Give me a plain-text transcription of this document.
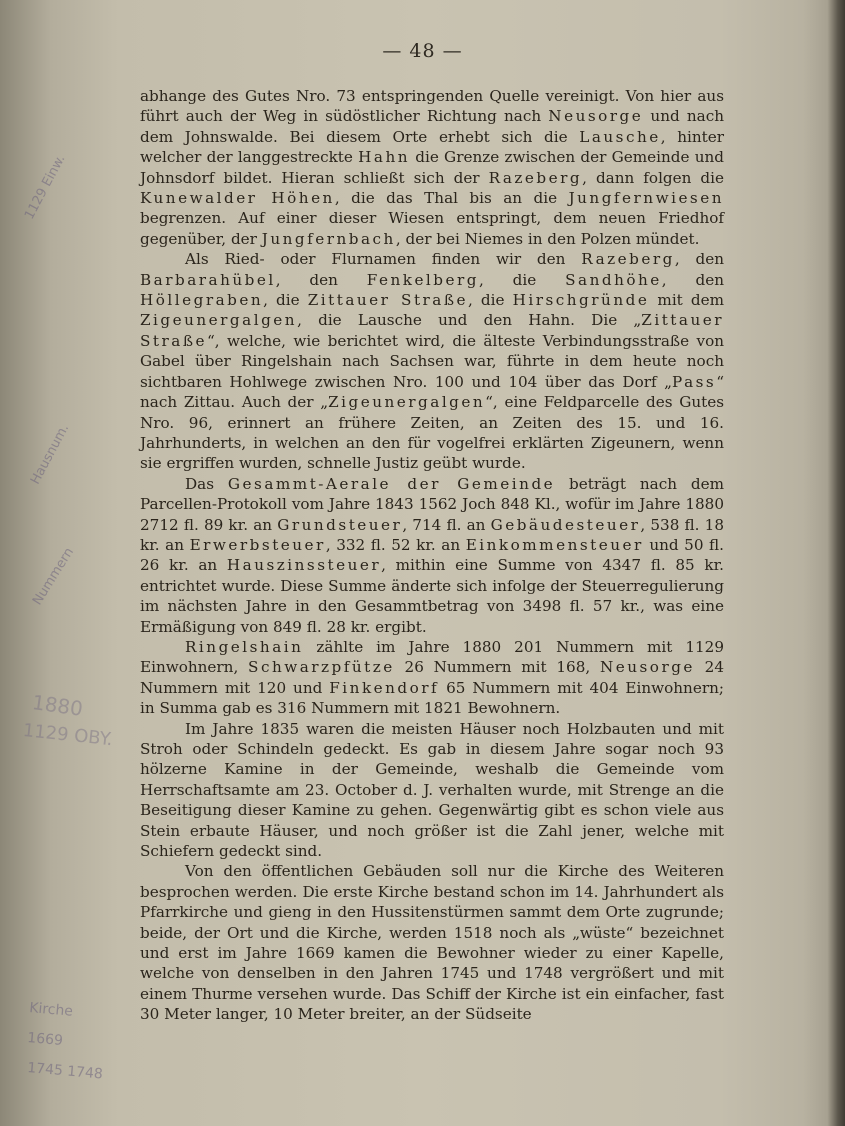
— 48 —
1129 Einw.
Hausnum.
Nummern
1880
1129 OBY.
Kirche
1669
1745 1748

abhange des Gutes Nro. 73 entspringenden Quelle vereinigt. Von hier aus führt auch der Weg in südöstlicher Richtung nach Neusorge und nach dem Johnswalde. Bei diesem Orte erhebt sich die Lausche, hinter welcher der langgestreckte Hahn die Grenze zwischen der Gemeinde und Johnsdorf bildet. Hieran schließt sich der Razeberg, dann folgen die Kunewalder Höhen, die das Thal bis an die Jungfernwiesen begrenzen. Auf einer dieser Wiesen entspringt, dem neuen Friedhof gegenüber, der Jungfernbach, der bei Niemes in den Polzen mündet.

Als Ried- oder Flurnamen finden wir den Razeberg, den Barbarahübel, den Fenkelberg, die Sandhöhe, den Höllegraben, die Zittauer Straße, die Hirschgründe mit dem Zigeunergalgen, die Lausche und den Hahn. Die „Zittauer Straße“, welche, wie berichtet wird, die älteste Verbindungsstraße von Gabel über Ringelshain nach Sachsen war, führte in dem heute noch sichtbaren Hohlwege zwischen Nro. 100 und 104 über das Dorf „Pass“ nach Zittau. Auch der „Zigeunergalgen“, eine Feldparcelle des Gutes Nro. 96, erinnert an frühere Zeiten, an Zeiten des 15. und 16. Jahrhunderts, in welchen an den für vogelfrei erklärten Zigeunern, wenn sie ergriffen wurden, schnelle Justiz geübt wurde.

Das Gesammt-Aerale der Gemeinde beträgt nach dem Parcellen-Protokoll vom Jahre 1843 1562 Joch 848 Kl., wofür im Jahre 1880 2712 fl. 89 kr. an Grundsteuer, 714 fl. an Gebäudesteuer, 538 fl. 18 kr. an Erwerbsteuer, 332 fl. 52 kr. an Einkommensteuer und 50 fl. 26 kr. an Hauszinssteuer, mithin eine Summe von 4347 fl. 85 kr. entrichtet wurde. Diese Summe änderte sich infolge der Steuerregulierung im nächsten Jahre in den Gesammtbetrag von 3498 fl. 57 kr., was eine Ermäßigung von 849 fl. 28 kr. ergibt.

Ringelshain zählte im Jahre 1880 201 Nummern mit 1129 Einwohnern, Schwarzpfütze 26 Nummern mit 168, Neusorge 24 Nummern mit 120 und Finkendorf 65 Nummern mit 404 Einwohnern; in Summa gab es 316 Nummern mit 1821 Bewohnern.

Im Jahre 1835 waren die meisten Häuser noch Holzbauten und mit Stroh oder Schindeln gedeckt. Es gab in diesem Jahre sogar noch 93 hölzerne Kamine in der Gemeinde, weshalb die Gemeinde vom Herrschaftsamte am 23. October d. J. verhalten wurde, mit Strenge an die Beseitigung dieser Kamine zu gehen. Gegenwärtig gibt es schon viele aus Stein erbaute Häuser, und noch größer ist die Zahl jener, welche mit Schiefern gedeckt sind.

Von den öffentlichen Gebäuden soll nur die Kirche des Weiteren besprochen werden. Die erste Kirche bestand schon im 14. Jahrhundert als Pfarrkirche und gieng in den Hussitenstürmen sammt dem Orte zugrunde; beide, der Ort und die Kirche, werden 1518 noch als „wüste“ bezeichnet und erst im Jahre 1669 kamen die Bewohner wieder zu einer Kapelle, welche von denselben in den Jahren 1745 und 1748 vergrößert und mit einem Thurme versehen wurde. Das Schiff der Kirche ist ein einfacher, fast 30 Meter langer, 10 Meter breiter, an der Südseite
